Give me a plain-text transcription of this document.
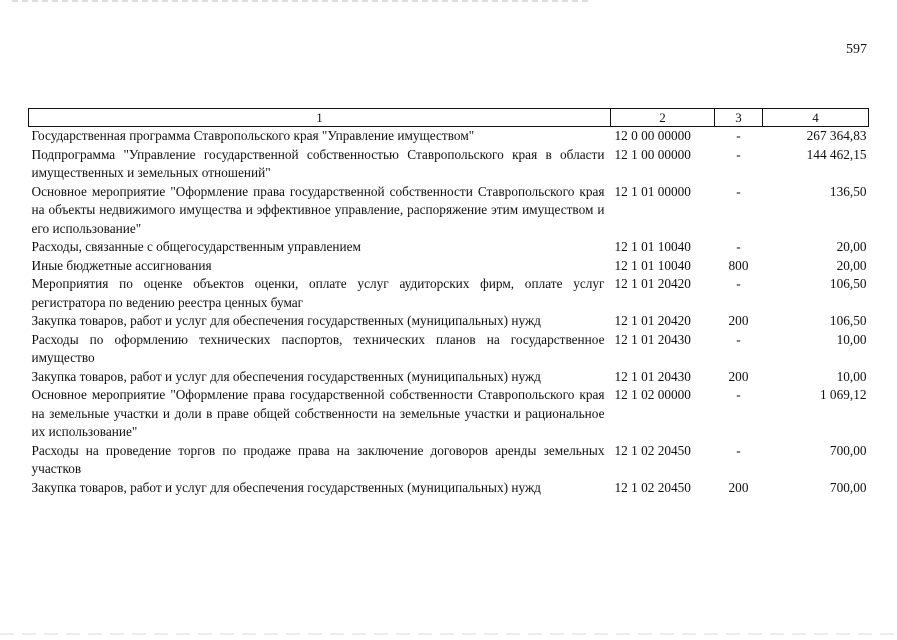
597
1	2	3	4
Государственная программа Ставропольского края "Управление имуществом"	12 0 00 00000	-	267 364,83
Подпрограмма "Управление государственной собственностью Ставропольского края в области имущественных и земельных отношений"	12 1 00 00000	-	144 462,15
Основное мероприятие "Оформление права государственной собственности Ставропольского края на объекты недвижимого имущества и эффективное управление, распоряжение этим имуществом и его использование"	12 1 01 00000	-	136,50
Расходы, связанные с общегосударственным управлением	12 1 01 10040	-	20,00
Иные бюджетные ассигнования	12 1 01 10040	800	20,00
Мероприятия по оценке объектов оценки, оплате услуг аудиторских фирм, оплате услуг регистратора по ведению реестра ценных бумаг	12 1 01 20420	-	106,50
Закупка товаров, работ и услуг для обеспечения государственных (муниципальных) нужд	12 1 01 20420	200	106,50
Расходы по оформлению технических паспортов, технических планов на государственное имущество	12 1 01 20430	-	10,00
Закупка товаров, работ и услуг для обеспечения государственных (муниципальных) нужд	12 1 01 20430	200	10,00
Основное мероприятие "Оформление права государственной собственности Ставропольского края на земельные участки и доли в праве общей собственности на земельные участки и рациональное их использование"	12 1 02 00000	-	1 069,12
Расходы на проведение торгов по продаже права на заключение договоров аренды земельных участков	12 1 02 20450	-	700,00
Закупка товаров, работ и услуг для обеспечения государственных (муниципальных) нужд	12 1 02 20450	200	700,00
